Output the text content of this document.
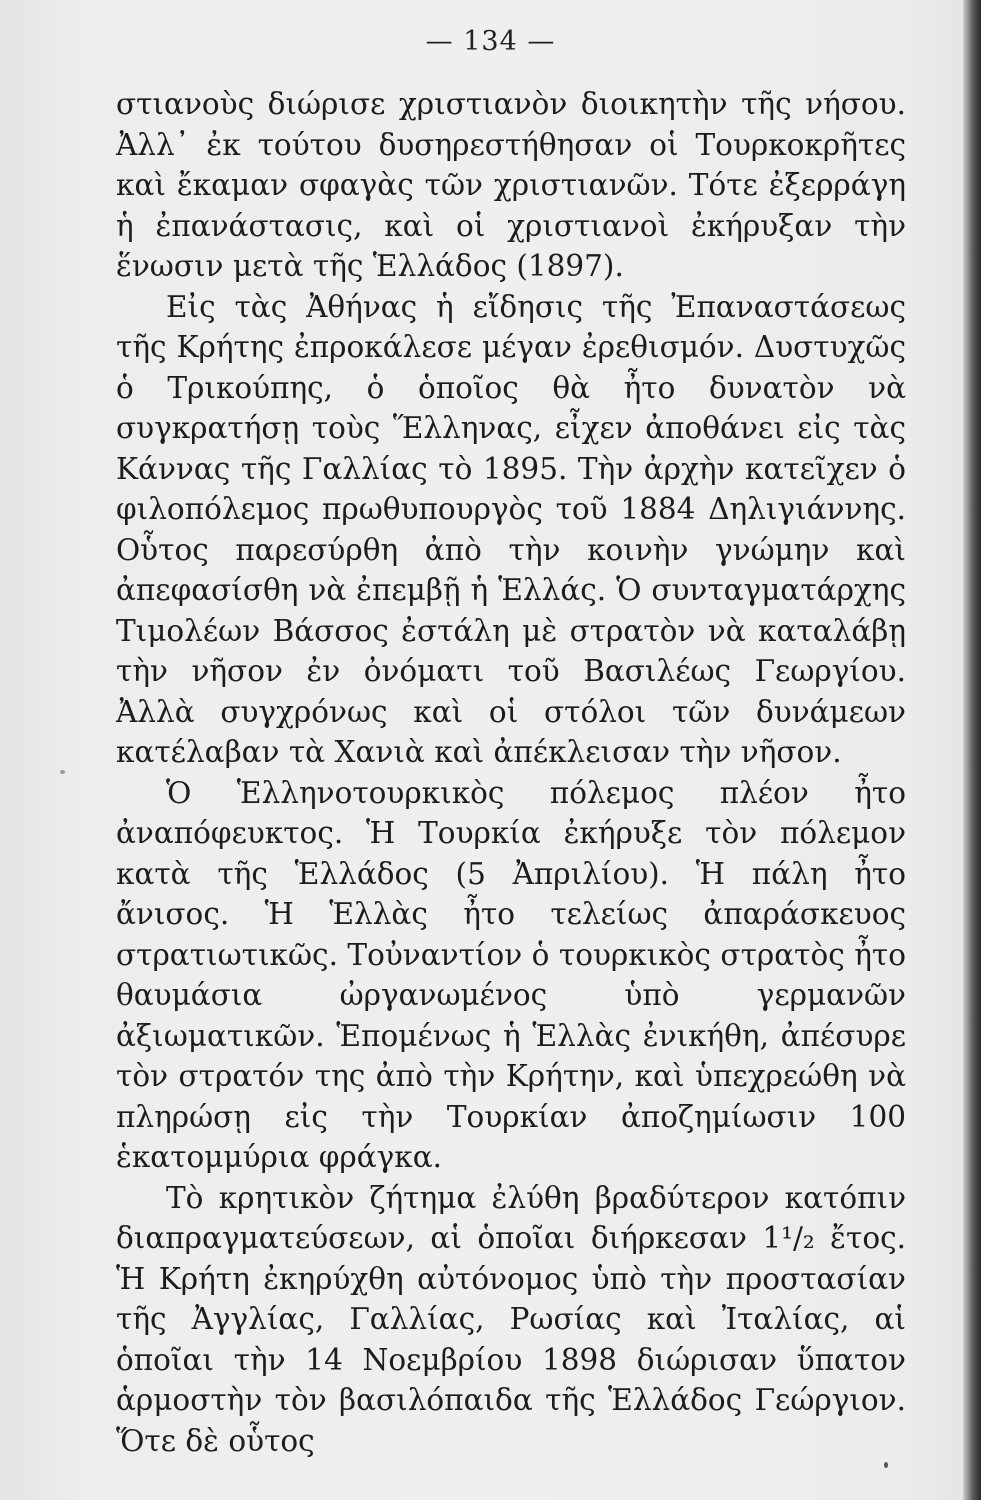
— 134 —

στιανοὺς διώρισε χριστιανὸν διοικητὴν τῆς νήσου. Ἀλλ᾽ ἐκ τούτου δυσηρεστήθησαν οἱ Τουρκοκρῆτες καὶ ἔκαμαν σφαγὰς τῶν χριστιανῶν. Τότε ἐξερράγη ἡ ἐπανάστασις, καὶ οἱ χριστιανοὶ ἐκήρυξαν τὴν ἕνωσιν μετὰ τῆς Ἑλλάδος (1897).

Εἰς τὰς Ἀθήνας ἡ εἴδησις τῆς Ἐπαναστάσεως τῆς Κρήτης ἐπροκάλεσε μέγαν ἐρεθισμόν. Δυστυχῶς ὁ Τρικούπης, ὁ ὁποῖος θὰ ἦτο δυνατὸν νὰ συγκρατήσῃ τοὺς Ἕλληνας, εἶχεν ἀποθάνει εἰς τὰς Κάννας τῆς Γαλλίας τὸ 1895. Τὴν ἀρχὴν κατεῖχεν ὁ φιλοπόλεμος πρωθυπουργὸς τοῦ 1884 Δηλιγιάννης. Οὗτος παρεσύρθη ἀπὸ τὴν κοινὴν γνώμην καὶ ἀπεφασίσθη νὰ ἐπεμβῇ ἡ Ἑλλάς. Ὁ συνταγματάρχης Τιμολέων Βάσσος ἐστάλη μὲ στρατὸν νὰ καταλάβῃ τὴν νῆσον ἐν ὀνόματι τοῦ Βασιλέως Γεωργίου. Ἀλλὰ συγχρόνως καὶ οἱ στόλοι τῶν δυνάμεων κατέλαβαν τὰ Χανιὰ καὶ ἀπέκλεισαν τὴν νῆσον.

Ὁ Ἑλληνοτουρκικὸς πόλεμος πλέον ἦτο ἀναπόφευκτος. Ἡ Τουρκία ἐκήρυξε τὸν πόλεμον κατὰ τῆς Ἑλλάδος (5 Ἀπριλίου). Ἡ πάλη ἦτο ἄνισος. Ἡ Ἑλλὰς ἦτο τελείως ἀπαράσκευος στρατιωτικῶς. Τοὐναντίον ὁ τουρκικὸς στρατὸς ἦτο θαυμάσια ὠργανωμένος ὑπὸ γερμανῶν ἀξιωματικῶν. Ἑπομένως ἡ Ἑλλὰς ἐνικήθη, ἀπέσυρε τὸν στρατόν της ἀπὸ τὴν Κρήτην, καὶ ὑπεχρεώθη νὰ πληρώσῃ εἰς τὴν Τουρκίαν ἀποζημίωσιν 100 ἑκατομμύρια φράγκα.

Τὸ κρητικὸν ζήτημα ἐλύθη βραδύτερον κατόπιν διαπραγματεύσεων, αἱ ὁποῖαι διήρκεσαν 1¹/₂ ἔτος. Ἡ Κρήτη ἐκηρύχθη αὐτόνομος ὑπὸ τὴν προστασίαν τῆς Ἀγγλίας, Γαλλίας, Ρωσίας καὶ Ἰταλίας, αἱ ὁποῖαι τὴν 14 Νοεμβρίου 1898 διώρισαν ὕπατον ἁρμοστὴν τὸν βασιλόπαιδα τῆς Ἑλλάδος Γεώργιον. Ὅτε δὲ οὗτος
